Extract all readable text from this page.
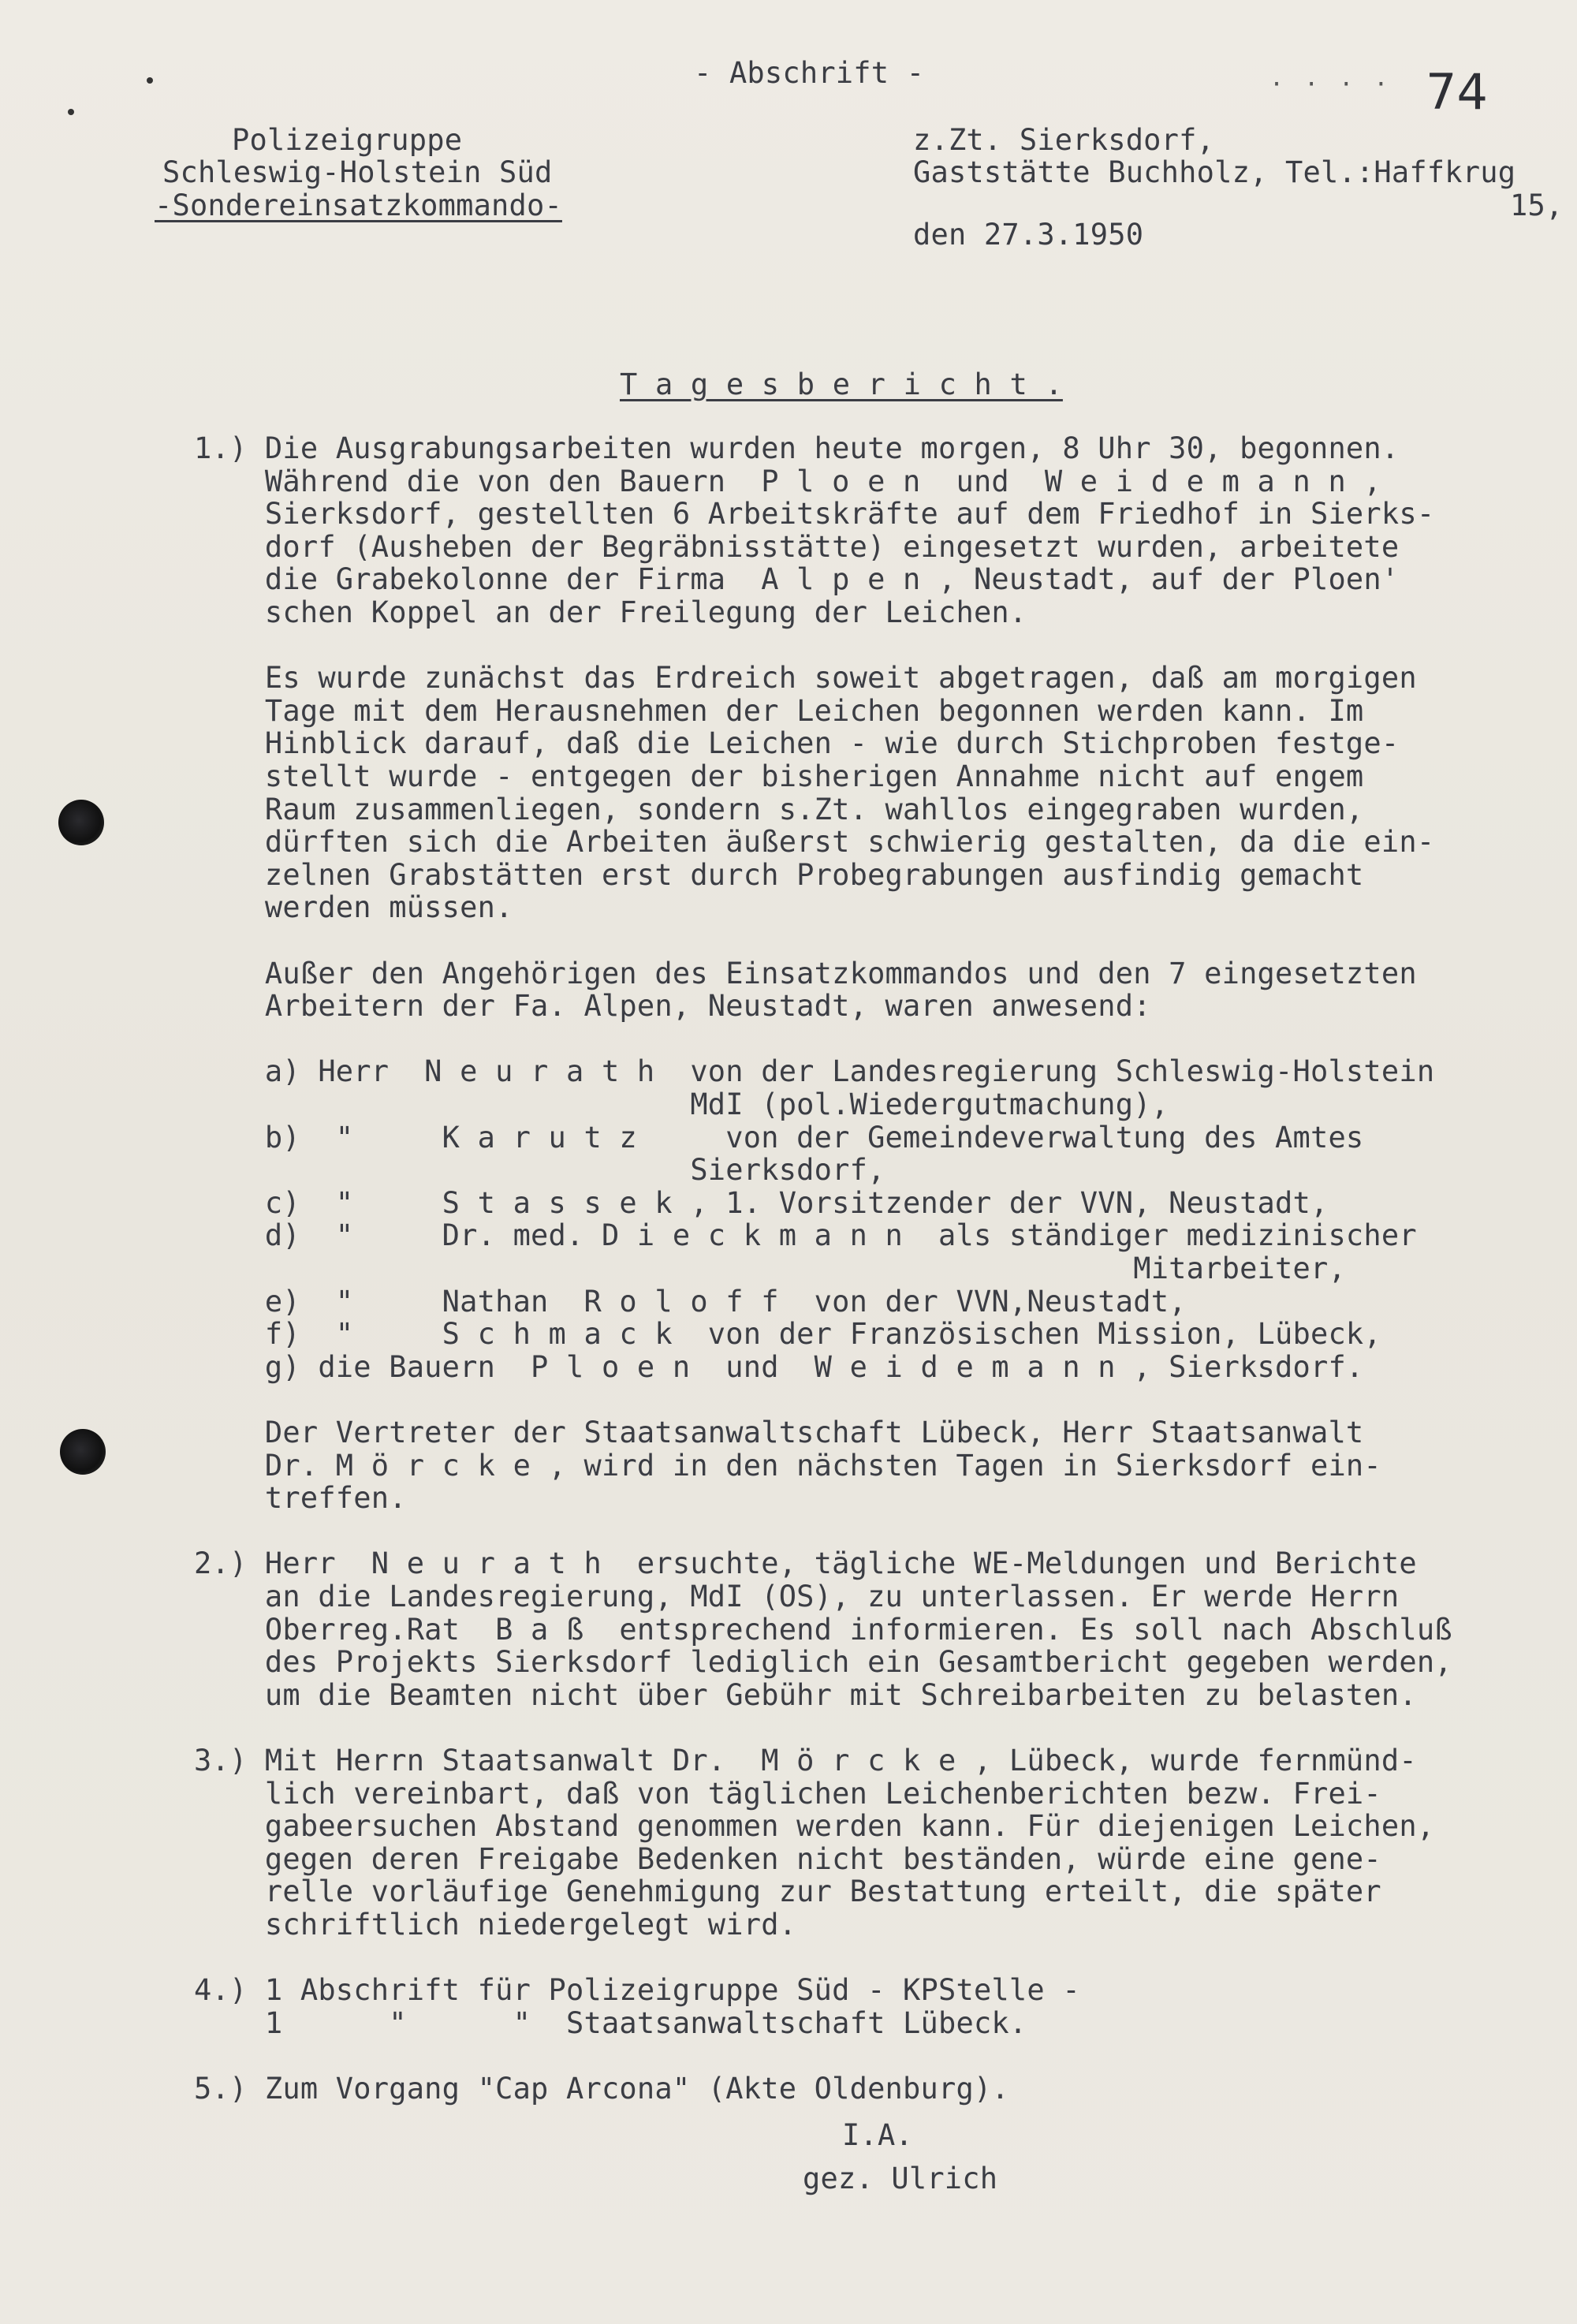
- Abschrift -	· · · · 74
Polizeigruppe
Schleswig-Holstein Süd
-Sondereinsatzkommando-
z.Zt. Sierksdorf,
Gaststätte Buchholz, Tel.:Haffkrug
15,
den 27.3.1950
T a g e s b e r i c h t .
1.) Die Ausgrabungsarbeiten wurden heute morgen, 8 Uhr 30, begonnen.
Während die von den Bauern  P l o e n  und  W e i d e m a n n ,
Sierksdorf, gestellten 6 Arbeitskräfte auf dem Friedhof in Sierks-
dorf (Ausheben der Begräbnisstätte) eingesetzt wurden, arbeitete
die Grabekolonne der Firma  A l p e n , Neustadt, auf der Ploen'
schen Koppel an der Freilegung der Leichen.
Es wurde zunächst das Erdreich soweit abgetragen, daß am morgigen
Tage mit dem Herausnehmen der Leichen begonnen werden kann. Im
Hinblick darauf, daß die Leichen - wie durch Stichproben festge-
stellt wurde - entgegen der bisherigen Annahme nicht auf engem
Raum zusammenliegen, sondern s.Zt. wahllos eingegraben wurden,
dürften sich die Arbeiten äußerst schwierig gestalten, da die ein-
zelnen Grabstätten erst durch Probegrabungen ausfindig gemacht
werden müssen.
Außer den Angehörigen des Einsatzkommandos und den 7 eingesetzten
Arbeitern der Fa. Alpen, Neustadt, waren anwesend:
a) Herr  N e u r a t h  von der Landesregierung Schleswig-Holstein
MdI (pol.Wiedergutmachung),
b)  "     K a r u t z     von der Gemeindeverwaltung des Amtes
Sierksdorf,
c)  "     S t a s s e k , 1. Vorsitzender der VVN, Neustadt,
d)  "     Dr. med. D i e c k m a n n  als ständiger medizinischer
Mitarbeiter,
e)  "     Nathan  R o l o f f  von der VVN,Neustadt,
f)  "     S c h m a c k  von der Französischen Mission, Lübeck,
g) die Bauern  P l o e n  und  W e i d e m a n n , Sierksdorf.
Der Vertreter der Staatsanwaltschaft Lübeck, Herr Staatsanwalt
Dr. M ö r c k e , wird in den nächsten Tagen in Sierksdorf ein-
treffen.
2.) Herr  N e u r a t h  ersuchte, tägliche WE-Meldungen und Berichte
an die Landesregierung, MdI (OS), zu unterlassen. Er werde Herrn
Oberreg.Rat  B a ß  entsprechend informieren. Es soll nach Abschluß
des Projekts Sierksdorf lediglich ein Gesamtbericht gegeben werden,
um die Beamten nicht über Gebühr mit Schreibarbeiten zu belasten.
3.) Mit Herrn Staatsanwalt Dr.  M ö r c k e , Lübeck, wurde fernmünd-
lich vereinbart, daß von täglichen Leichenberichten bezw. Frei-
gabeersuchen Abstand genommen werden kann. Für diejenigen Leichen,
gegen deren Freigabe Bedenken nicht beständen, würde eine gene-
relle vorläufige Genehmigung zur Bestattung erteilt, die später
schriftlich niedergelegt wird.
4.) 1 Abschrift für Polizeigruppe Süd - KPStelle -
1      "      "  Staatsanwaltschaft Lübeck.
5.) Zum Vorgang "Cap Arcona" (Akte Oldenburg).
I.A.
gez. Ulrich
